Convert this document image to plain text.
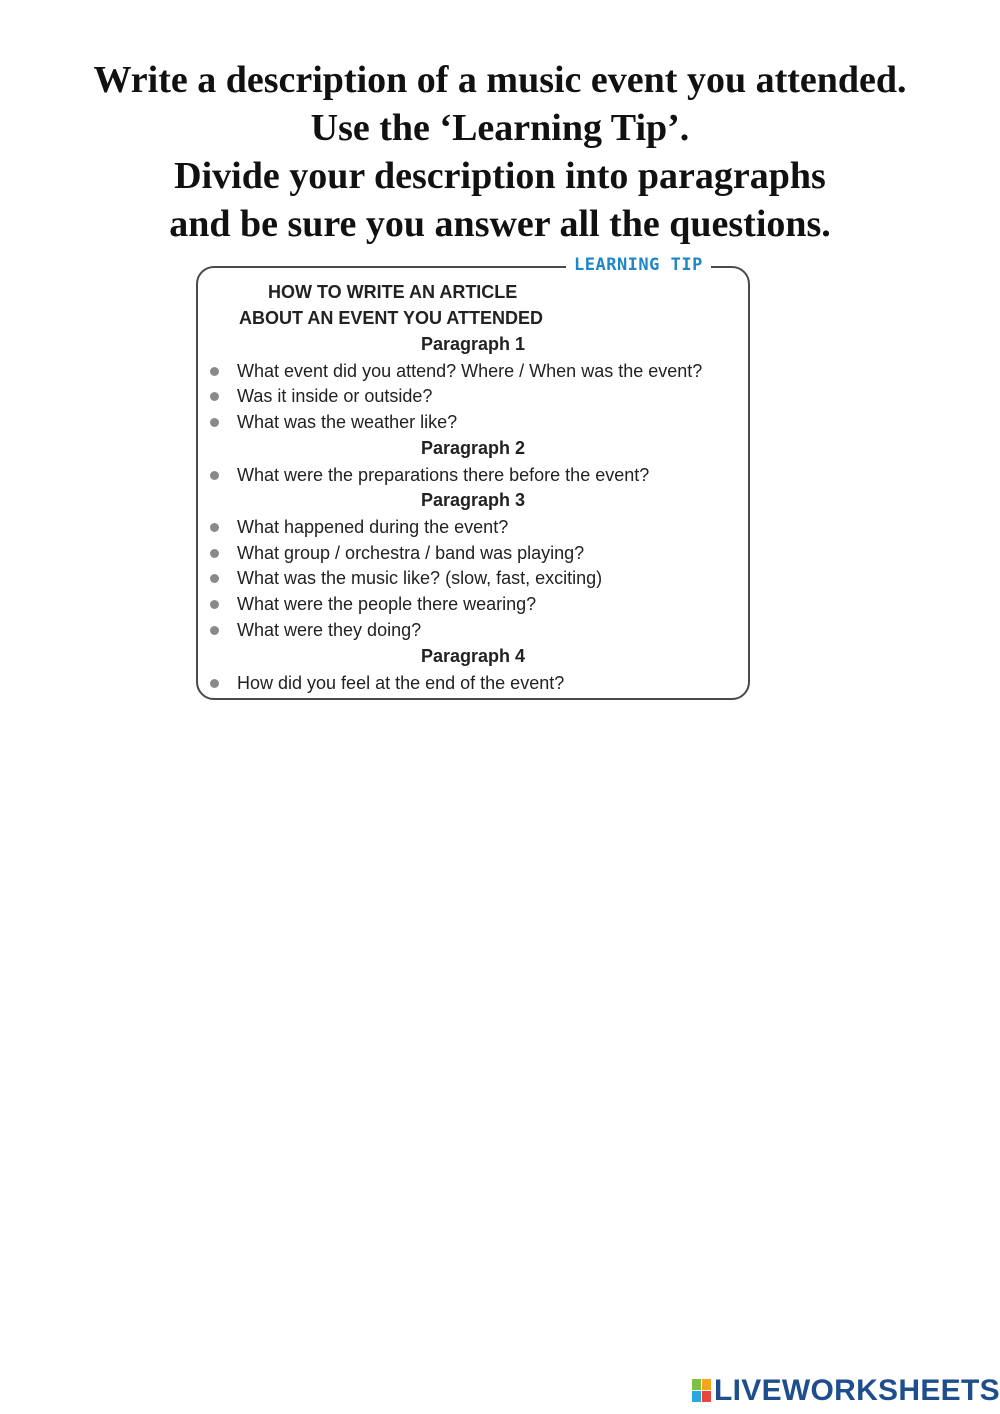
Write a description of a music event you attended.
Use the ‘Learning Tip’.
Divide your description into paragraphs
and be sure you answer all the questions.
LEARNING TIP
HOW TO WRITE AN ARTICLE
ABOUT AN EVENT YOU ATTENDED
Paragraph 1
What event did you attend? Where / When was the event?
Was it inside or outside?
What was the weather like?
Paragraph 2
What were the preparations there before the event?
Paragraph 3
What happened during the event?
What group / orchestra / band was playing?
What was the music like? (slow, fast, exciting)
What were the people there wearing?
What were they doing?
Paragraph 4
How did you feel at the end of the event?
LIVEWORKSHEETS
